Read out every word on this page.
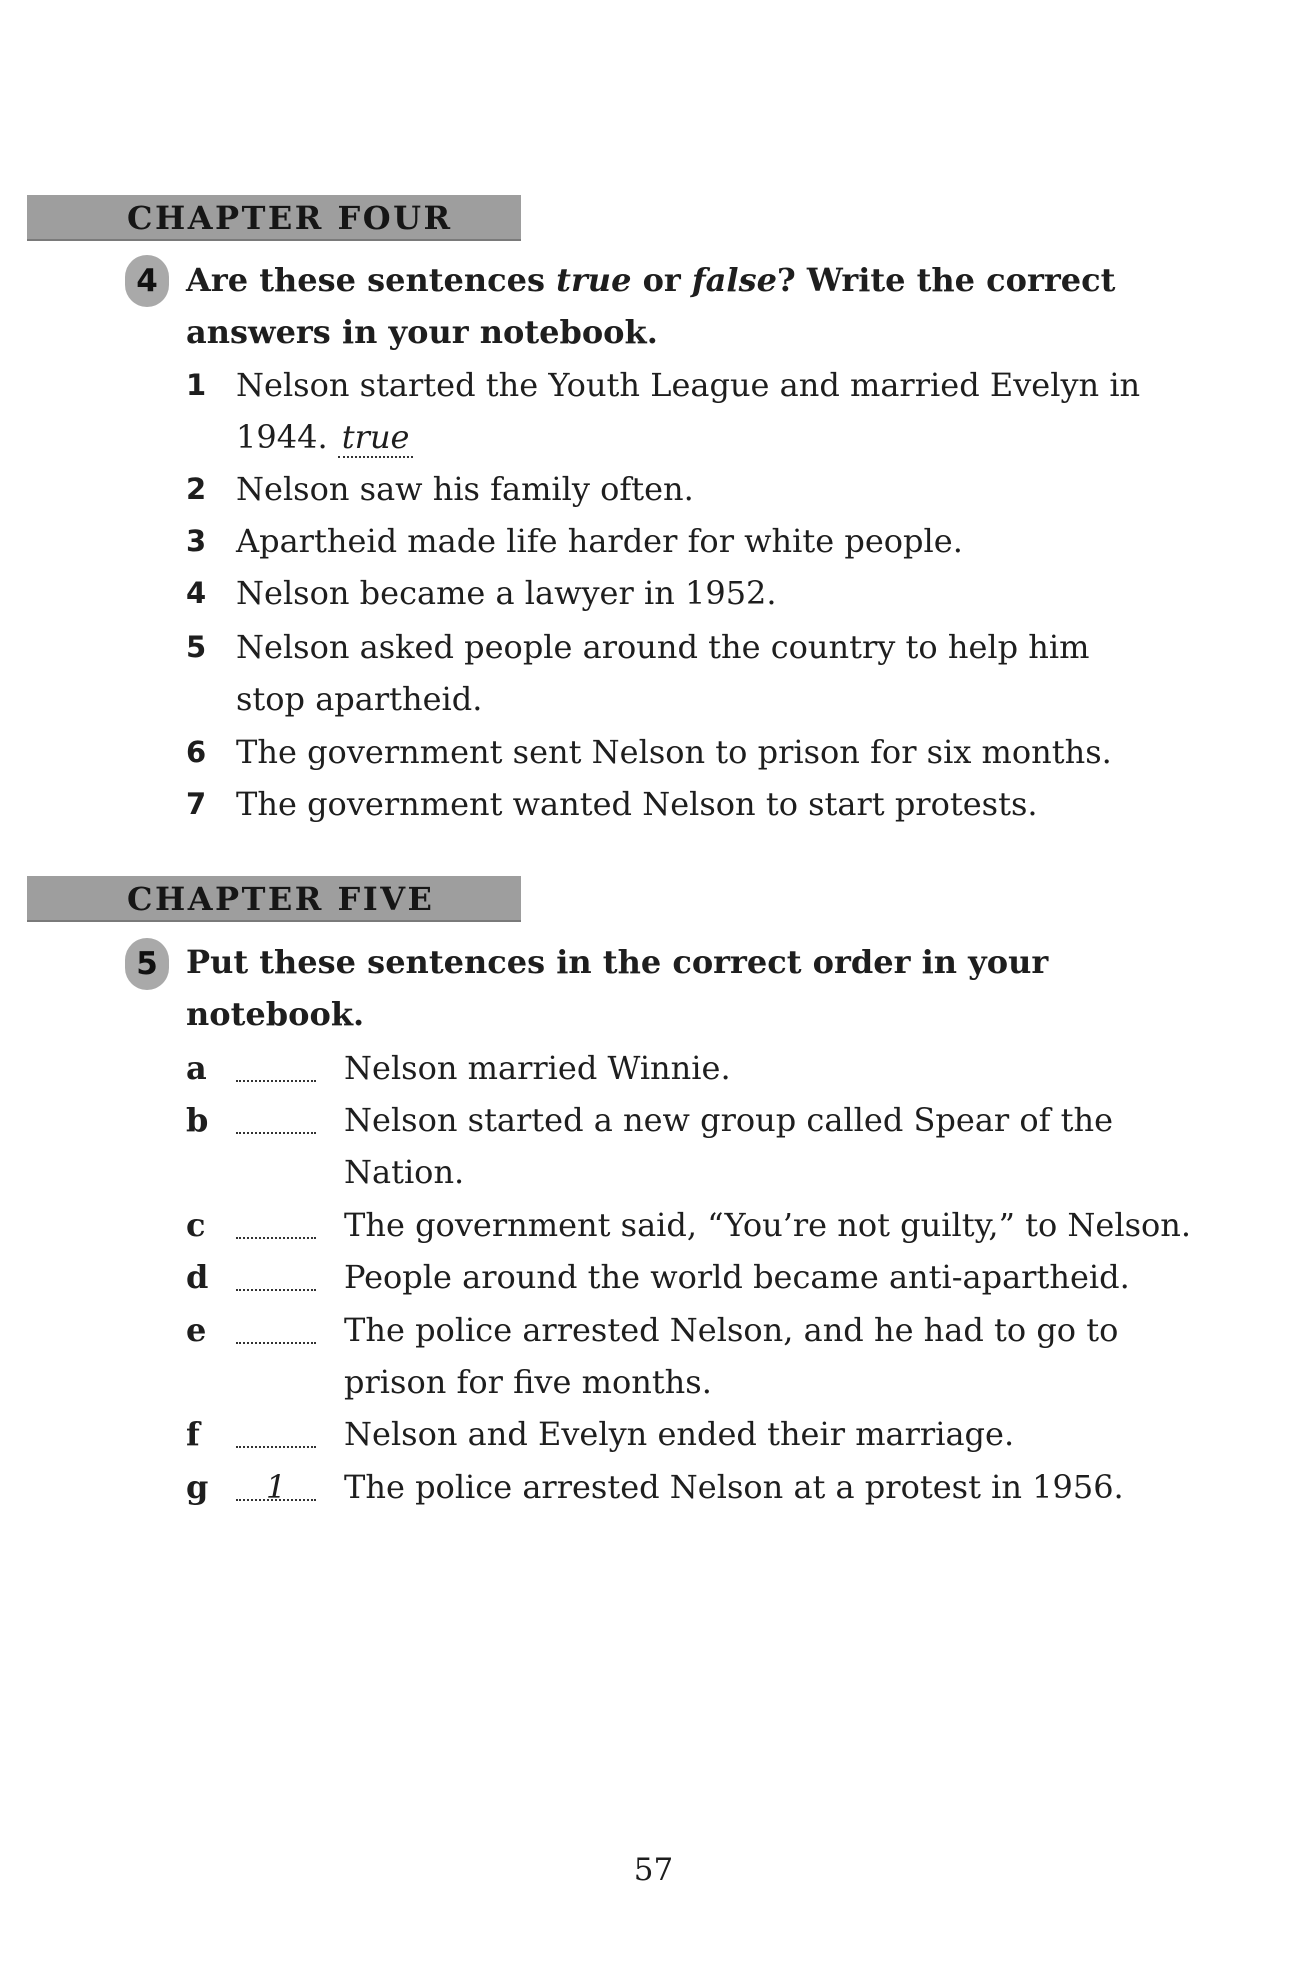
CHAPTER FOUR
4 Are these sentences true or false? Write the correct answers in your notebook.
1 Nelson started the Youth League and married Evelyn in 1944. true
2 Nelson saw his family often.
3 Apartheid made life harder for white people.
4 Nelson became a lawyer in 1952.
5 Nelson asked people around the country to help him stop apartheid.
6 The government sent Nelson to prison for six months.
7 The government wanted Nelson to start protests.
CHAPTER FIVE
5 Put these sentences in the correct order in your notebook.
a	Nelson married Winnie.
b	Nelson started a new group called Spear of the Nation.
c	The government said, “You’re not guilty,” to Nelson.
d	People around the world became anti-apartheid.
e	The police arrested Nelson, and he had to go to prison for five months.
f	Nelson and Evelyn ended their marriage.
g	1	The police arrested Nelson at a protest in 1956.
57
